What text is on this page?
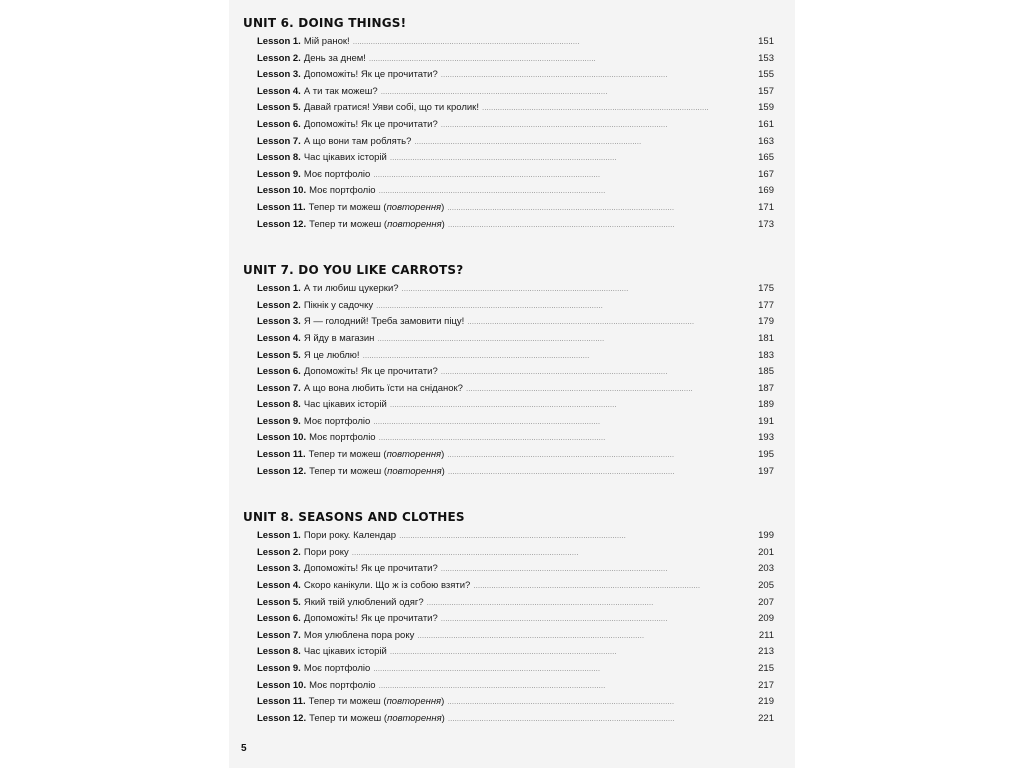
UNIT 6. DOING THINGS!
Lesson 1. Мій ранок! . . .	151
Lesson 2. День за днем! . . .	153
Lesson 3. Допоможіть! Як це прочитати? . . .	155
Lesson 4. А ти так можеш? . . .	157
Lesson 5. Давай гратися! Уяви собі, що ти кролик! . . .	159
Lesson 6. Допоможіть! Як це прочитати? . . .	161
Lesson 7. А що вони там роблять? . . .	163
Lesson 8. Час цікавих історій . . .	165
Lesson 9. Моє портфоліо . . .	167
Lesson 10. Моє портфоліо . . .	169
Lesson 11. Тепер ти можеш (повторення) . . .	171
Lesson 12. Тепер ти можеш (повторення) . . .	173
UNIT 7. DO YOU LIKE CARROTS?
Lesson 1. А ти любиш цукерки? . . .	175
Lesson 2. Пікнік у садочку . . .	177
Lesson 3. Я — голодний! Треба замовити піцу! . . .	179
Lesson 4. Я йду в магазин . . .	181
Lesson 5. Я це люблю! . . .	183
Lesson 6. Допоможіть! Як це прочитати? . . .	185
Lesson 7. А що вона любить їсти на сніданок? . . .	187
Lesson 8. Час цікавих історій . . .	189
Lesson 9. Моє портфоліо . . .	191
Lesson 10. Моє портфоліо . . .	193
Lesson 11. Тепер ти можеш (повторення) . . .	195
Lesson 12. Тепер ти можеш (повторення) . . .	197
UNIT 8. SEASONS AND CLOTHES
Lesson 1. Пори року. Календар . . .	199
Lesson 2. Пори року . . .	201
Lesson 3. Допоможіть! Як це прочитати? . . .	203
Lesson 4. Скоро канікули. Що ж із собою взяти? . . .	205
Lesson 5. Який твій улюблений одяг? . . .	207
Lesson 6. Допоможіть! Як це прочитати? . . .	209
Lesson 7. Моя улюблена пора року . . .	211
Lesson 8. Час цікавих історій . . .	213
Lesson 9. Моє портфоліо . . .	215
Lesson 10. Моє портфоліо . . .	217
Lesson 11. Тепер ти можеш (повторення) . . .	219
Lesson 12. Тепер ти можеш (повторення) . . .	221
5
